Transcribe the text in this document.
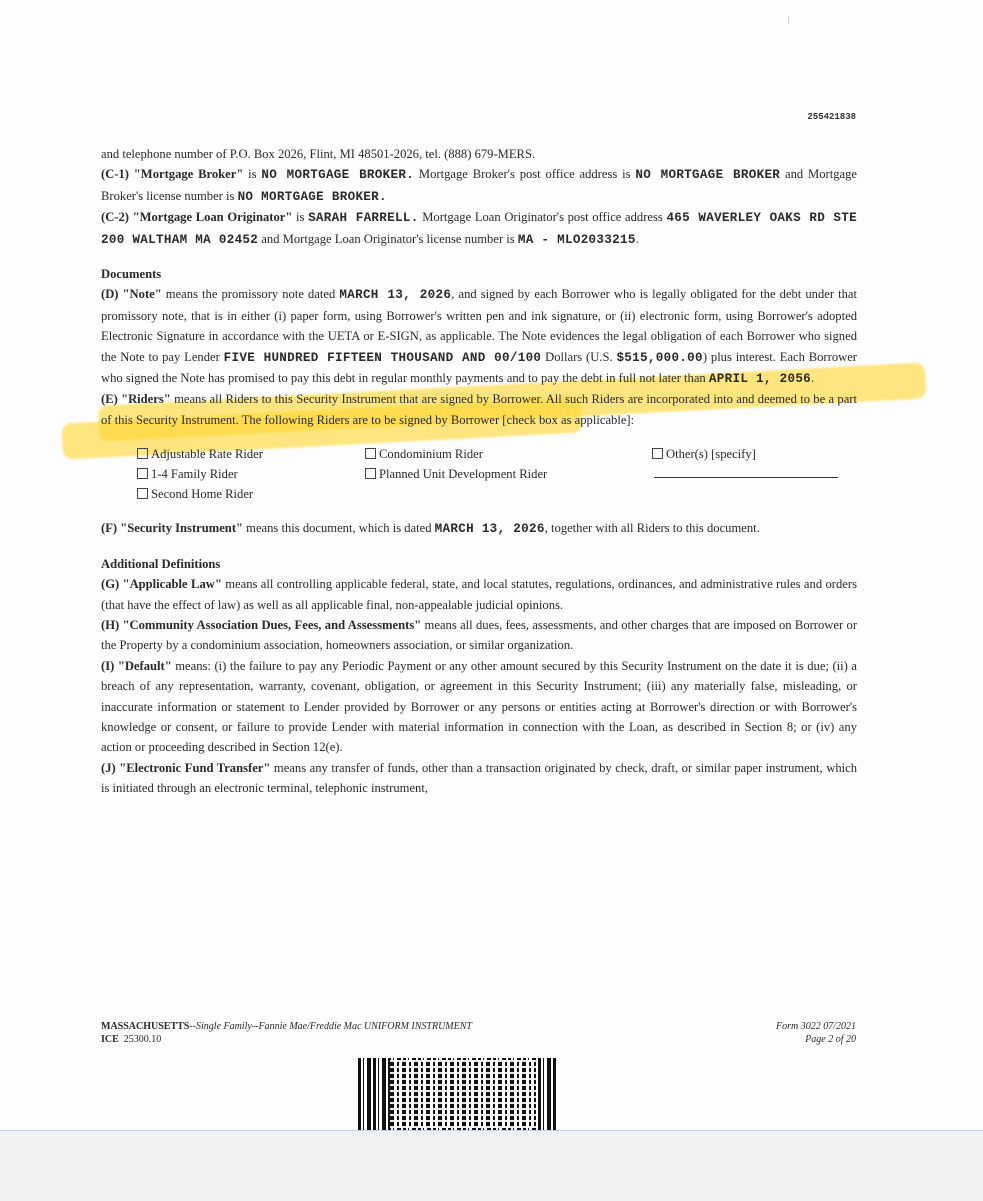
255421838

and telephone number of P.O. Box 2026, Flint, MI 48501-2026, tel. (888) 679-MERS.

(C-1) "Mortgage Broker" is NO MORTGAGE BROKER. Mortgage Broker's post office address is NO MORTGAGE BROKER and Mortgage Broker's license number is NO MORTGAGE BROKER.

(C-2) "Mortgage Loan Originator" is SARAH FARRELL. Mortgage Loan Originator's post office address 465 WAVERLEY OAKS RD STE 200 WALTHAM MA 02452 and Mortgage Loan Originator's license number is MA - MLO2033215.

Documents

(D) "Note" means the promissory note dated MARCH 13, 2026, and signed by each Borrower who is legally obligated for the debt under that promissory note, that is in either (i) paper form, using Borrower's written pen and ink signature, or (ii) electronic form, using Borrower's adopted Electronic Signature in accordance with the UETA or E-SIGN, as applicable. The Note evidences the legal obligation of each Borrower who signed the Note to pay Lender FIVE HUNDRED FIFTEEN THOUSAND AND 00/100 Dollars (U.S. $515,000.00) plus interest. Each Borrower who signed the Note has promised to pay this debt in regular monthly payments and to pay the debt in full not later than APRIL 1, 2056.

(E) "Riders" means all Riders to this Security Instrument that are signed by Borrower. All such Riders are incorporated into and deemed to be a part of this Security Instrument. The following Riders are to be signed by Borrower [check box as applicable]:

Adjustable Rate Rider	Condominium Rider	Other(s) [specify]
1-4 Family Rider	Planned Unit Development Rider
Second Home Rider

(F) "Security Instrument" means this document, which is dated MARCH 13, 2026, together with all Riders to this document.

Additional Definitions

(G) "Applicable Law" means all controlling applicable federal, state, and local statutes, regulations, ordinances, and administrative rules and orders (that have the effect of law) as well as all applicable final, non-appealable judicial opinions.

(H) "Community Association Dues, Fees, and Assessments" means all dues, fees, assessments, and other charges that are imposed on Borrower or the Property by a condominium association, homeowners association, or similar organization.

(I) "Default" means: (i) the failure to pay any Periodic Payment or any other amount secured by this Security Instrument on the date it is due; (ii) a breach of any representation, warranty, covenant, obligation, or agreement in this Security Instrument; (iii) any materially false, misleading, or inaccurate information or statement to Lender provided by Borrower or any persons or entities acting at Borrower's direction or with Borrower's knowledge or consent, or failure to provide Lender with material information in connection with the Loan, as described in Section 8; or (iv) any action or proceeding described in Section 12(e).

(J) "Electronic Fund Transfer" means any transfer of funds, other than a transaction originated by check, draft, or similar paper instrument, which is initiated through an electronic terminal, telephonic instrument,

MASSACHUSETTS--Single Family--Fannie Mae/Freddie Mac UNIFORM INSTRUMENT
ICE 25300.10
Form 3022 07/2021
Page 2 of 20
